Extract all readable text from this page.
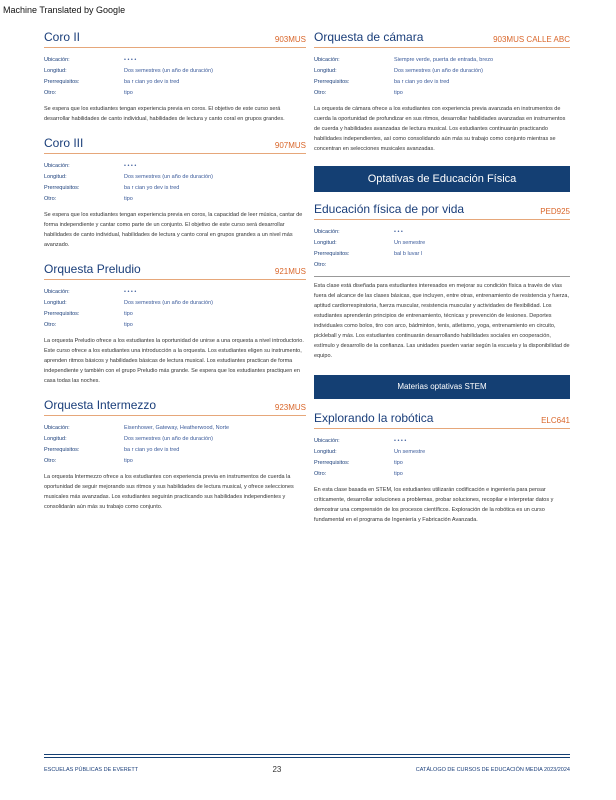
Machine Translated by Google
Coro II	903MUS
Ubicación:	• • • •
Longitud:	Dos semestres (un año de duración)
Prerrequisitos:	ba r cian yo dev is tred
Otro:	tipo
Se espera que los estudiantes tengan experiencia previa en coros. El objetivo de este curso será desarrollar habilidades de canto individual, habilidades de lectura y canto coral en grupos grandes.
Coro III	907MUS
Ubicación:	• • • •
Longitud:	Dos semestres (un año de duración)
Prerrequisitos:	ba r cian yo dev is tred
Otro:	tipo
Se espera que los estudiantes tengan experiencia previa en coros, la capacidad de leer música, cantar de forma independiente y cantar como parte de un conjunto. El objetivo de este curso será desarrollar habilidades de canto individual, habilidades de lectura y canto coral en grupos grandes a un nivel más avanzado.
Orquesta Preludio	921MUS
Ubicación:	• • • •
Longitud:	Dos semestres (un año de duración)
Prerrequisitos:	tipo
Otro:	tipo
La orquesta Preludio ofrece a los estudiantes la oportunidad de unirse a una orquesta a nivel introductorio. Este curso ofrece a los estudiantes una introducción a la orquesta. Los estudiantes eligen su instrumento, aprenden ritmos básicos y habilidades básicas de lectura musical. Los estudiantes practican de forma independiente y también con el grupo Preludio más grande. Se espera que los estudiantes practiquen en casa todas las noches.
Orquesta Intermezzo	923MUS
Ubicación:	Eisenhower, Gateway, Heatherwood, Norte
Longitud:	Dos semestres (un año de duración)
Prerrequisitos:	ba r cian yo dev is tred
Otro:	tipo
La orquesta Intermezzo ofrece a los estudiantes con experiencia previa en instrumentos de cuerda la oportunidad de seguir mejorando sus ritmos y sus habilidades de lectura musical, y ofrece selecciones musicales más avanzadas. Los estudiantes seguirán practicando sus habilidades independientes y consolidarán aún más su trabajo como conjunto.
Orquesta de cámara	903MUS CALLE ABC
Ubicación:	Siempre verde, puerta de entrada, brezo
Longitud:	Dos semestres (un año de duración)
Prerrequisitos:	ba r cian yo dev is tred
Otro:	tipo
La orquesta de cámara ofrece a los estudiantes con experiencia previa avanzada en instrumentos de cuerda la oportunidad de profundizar en sus ritmos, desarrollar habilidades avanzadas en instrumentos de cuerda y habilidades avanzadas de lectura musical. Los estudiantes continuarán practicando habilidades independientes, así como consolidando aún más su trabajo como conjunto mientras se concentran en selecciones musicales avanzadas.
Optativas de Educación Física
Educación física de por vida	PED925
Ubicación:	• • •
Longitud:	Un semestre
Prerrequisitos:	bal b luvar l
Otro:
Esta clase está diseñada para estudiantes interesados en mejorar su condición física a través de vías fuera del alcance de las clases básicas, que incluyen, entre otras, entrenamiento de resistencia y fuerza, aptitud cardiorrespiratoria, fuerza muscular, resistencia muscular y actividades de flexibilidad. Los estudiantes aprenderán principios de entrenamiento, técnicas y prevención de lesiones. Deportes individuales como bolos, tiro con arco, bádminton, tenis, atletismo, yoga, entrenamiento en circuito, pickleball y más. Los estudiantes continuarán desarrollando habilidades sociales en cooperación, estímulo y desarrollo de la confianza. Las unidades pueden variar según la escuela y la disponibilidad de equipo.
Materias optativas STEM
Explorando la robótica	ELC641
Ubicación:	• • • •
Longitud:	Un semestre
Prerrequisitos:	tipo
Otro:	tipo
En esta clase basada en STEM, los estudiantes utilizarán codificación e ingeniería para pensar críticamente, desarrollar soluciones a problemas, probar soluciones, recopilar e interpretar datos y demostrar una comprensión de los procesos científicos. Exploración de la robótica es un curso fundamental en el programa de Ingeniería y Fabricación Avanzada.
ESCUELAS PÚBLICAS DE EVERETT	23	CATÁLOGO DE CURSOS DE EDUCACIÓN MEDIA 2023/2024
